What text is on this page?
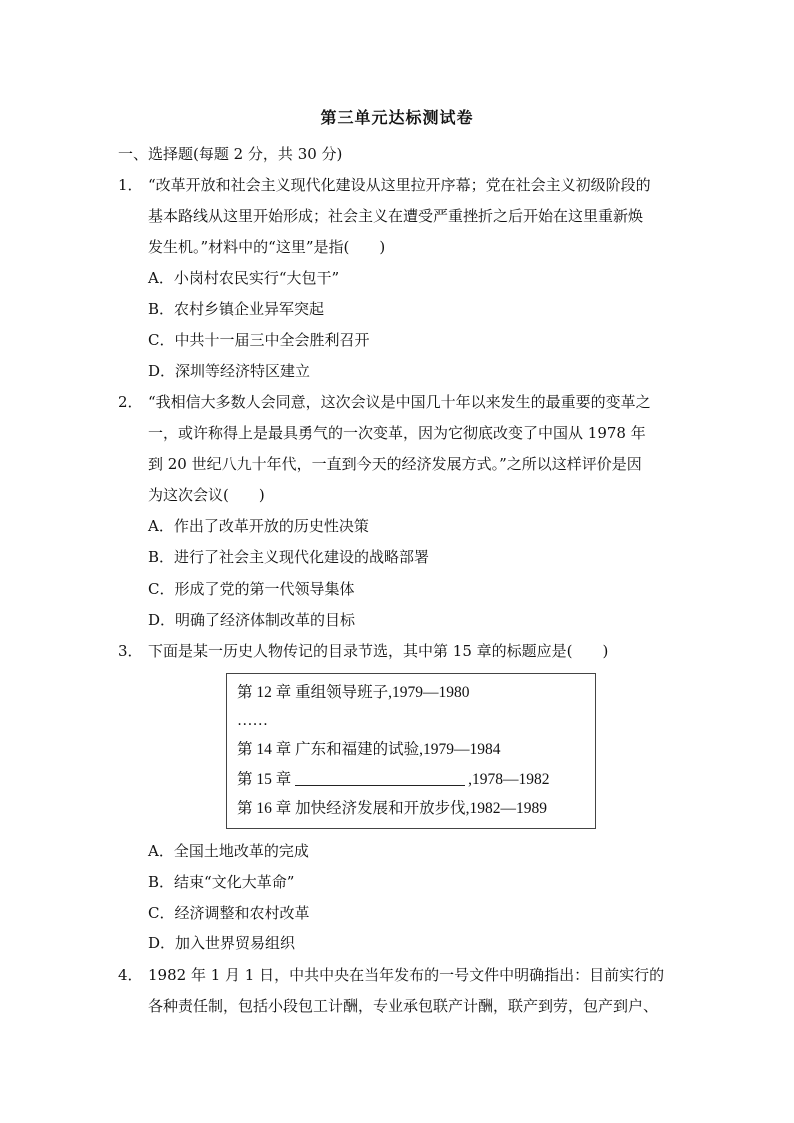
第三单元达标测试卷
一、选择题(每题 2 分，共 30 分)
1． “改革开放和社会主义现代化建设从这里拉开序幕；党在社会主义初级阶段的
基本路线从这里开始形成；社会主义在遭受严重挫折之后开始在这里重新焕
发生机。”材料中的“这里”是指(　　)
A．小岗村农民实行“大包干”
B．农村乡镇企业异军突起
C．中共十一届三中全会胜利召开
D．深圳等经济特区建立
2． “我相信大多数人会同意，这次会议是中国几十年以来发生的最重要的变革之
一，或许称得上是最具勇气的一次变革，因为它彻底改变了中国从 1978 年
到 20 世纪八九十年代，一直到今天的经济发展方式。”之所以这样评价是因
为这次会议(　　)
A．作出了改革开放的历史性决策
B．进行了社会主义现代化建设的战略部署
C．形成了党的第一代领导集体
D．明确了经济体制改革的目标
3． 下面是某一历史人物传记的目录节选，其中第 15 章的标题应是(　　)
第 12 章 重组领导班子,1979—1980
……
第 14 章 广东和福建的试验,1979—1984
第 15 章	,1978—1982
第 16 章 加快经济发展和开放步伐,1982—1989
A．全国土地改革的完成
B．结束“文化大革命”
C．经济调整和农村改革
D．加入世界贸易组织
4． 1982 年 1 月 1 日，中共中央在当年发布的一号文件中明确指出：目前实行的
各种责任制，包括小段包工计酬，专业承包联产计酬，联产到劳，包产到户、
